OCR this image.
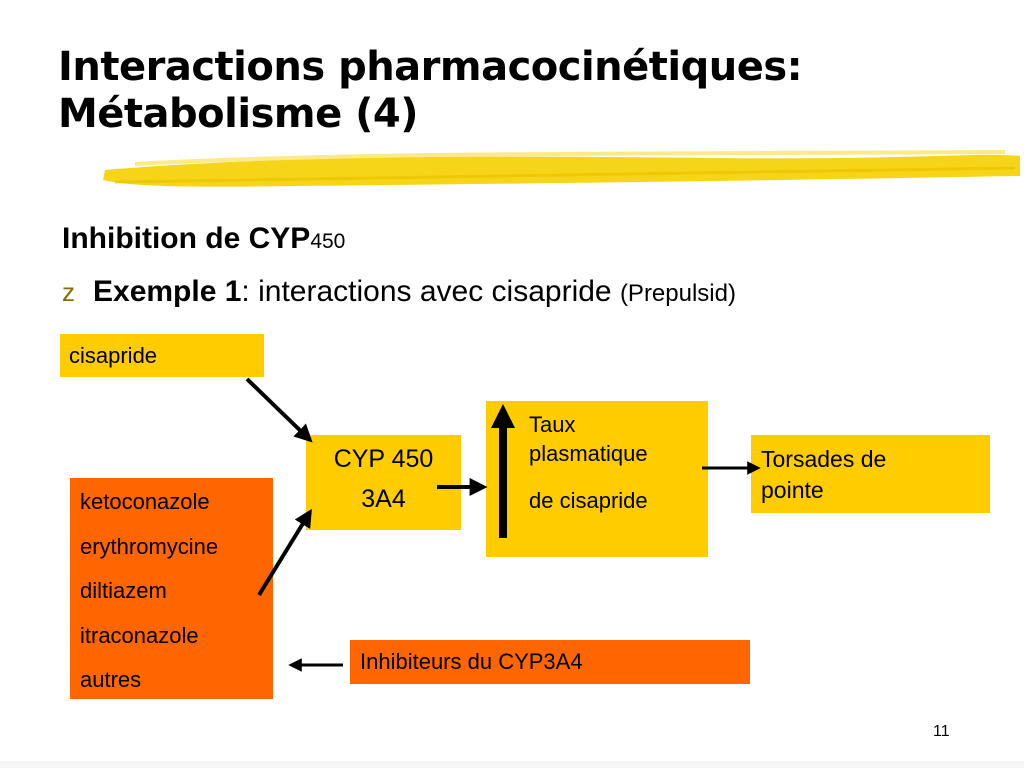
Interactions pharmacocinétiques:
Métabolisme (4)
Inhibition de CYP450
z Exemple 1: interactions avec cisapride (Prepulsid)
cisapride
CYP 450
3A4
Taux
plasmatique
de cisapride
Torsades de
pointe
ketoconazole
erythromycine
diltiazem
itraconazole
autres
Inhibiteurs du CYP3A4
11
